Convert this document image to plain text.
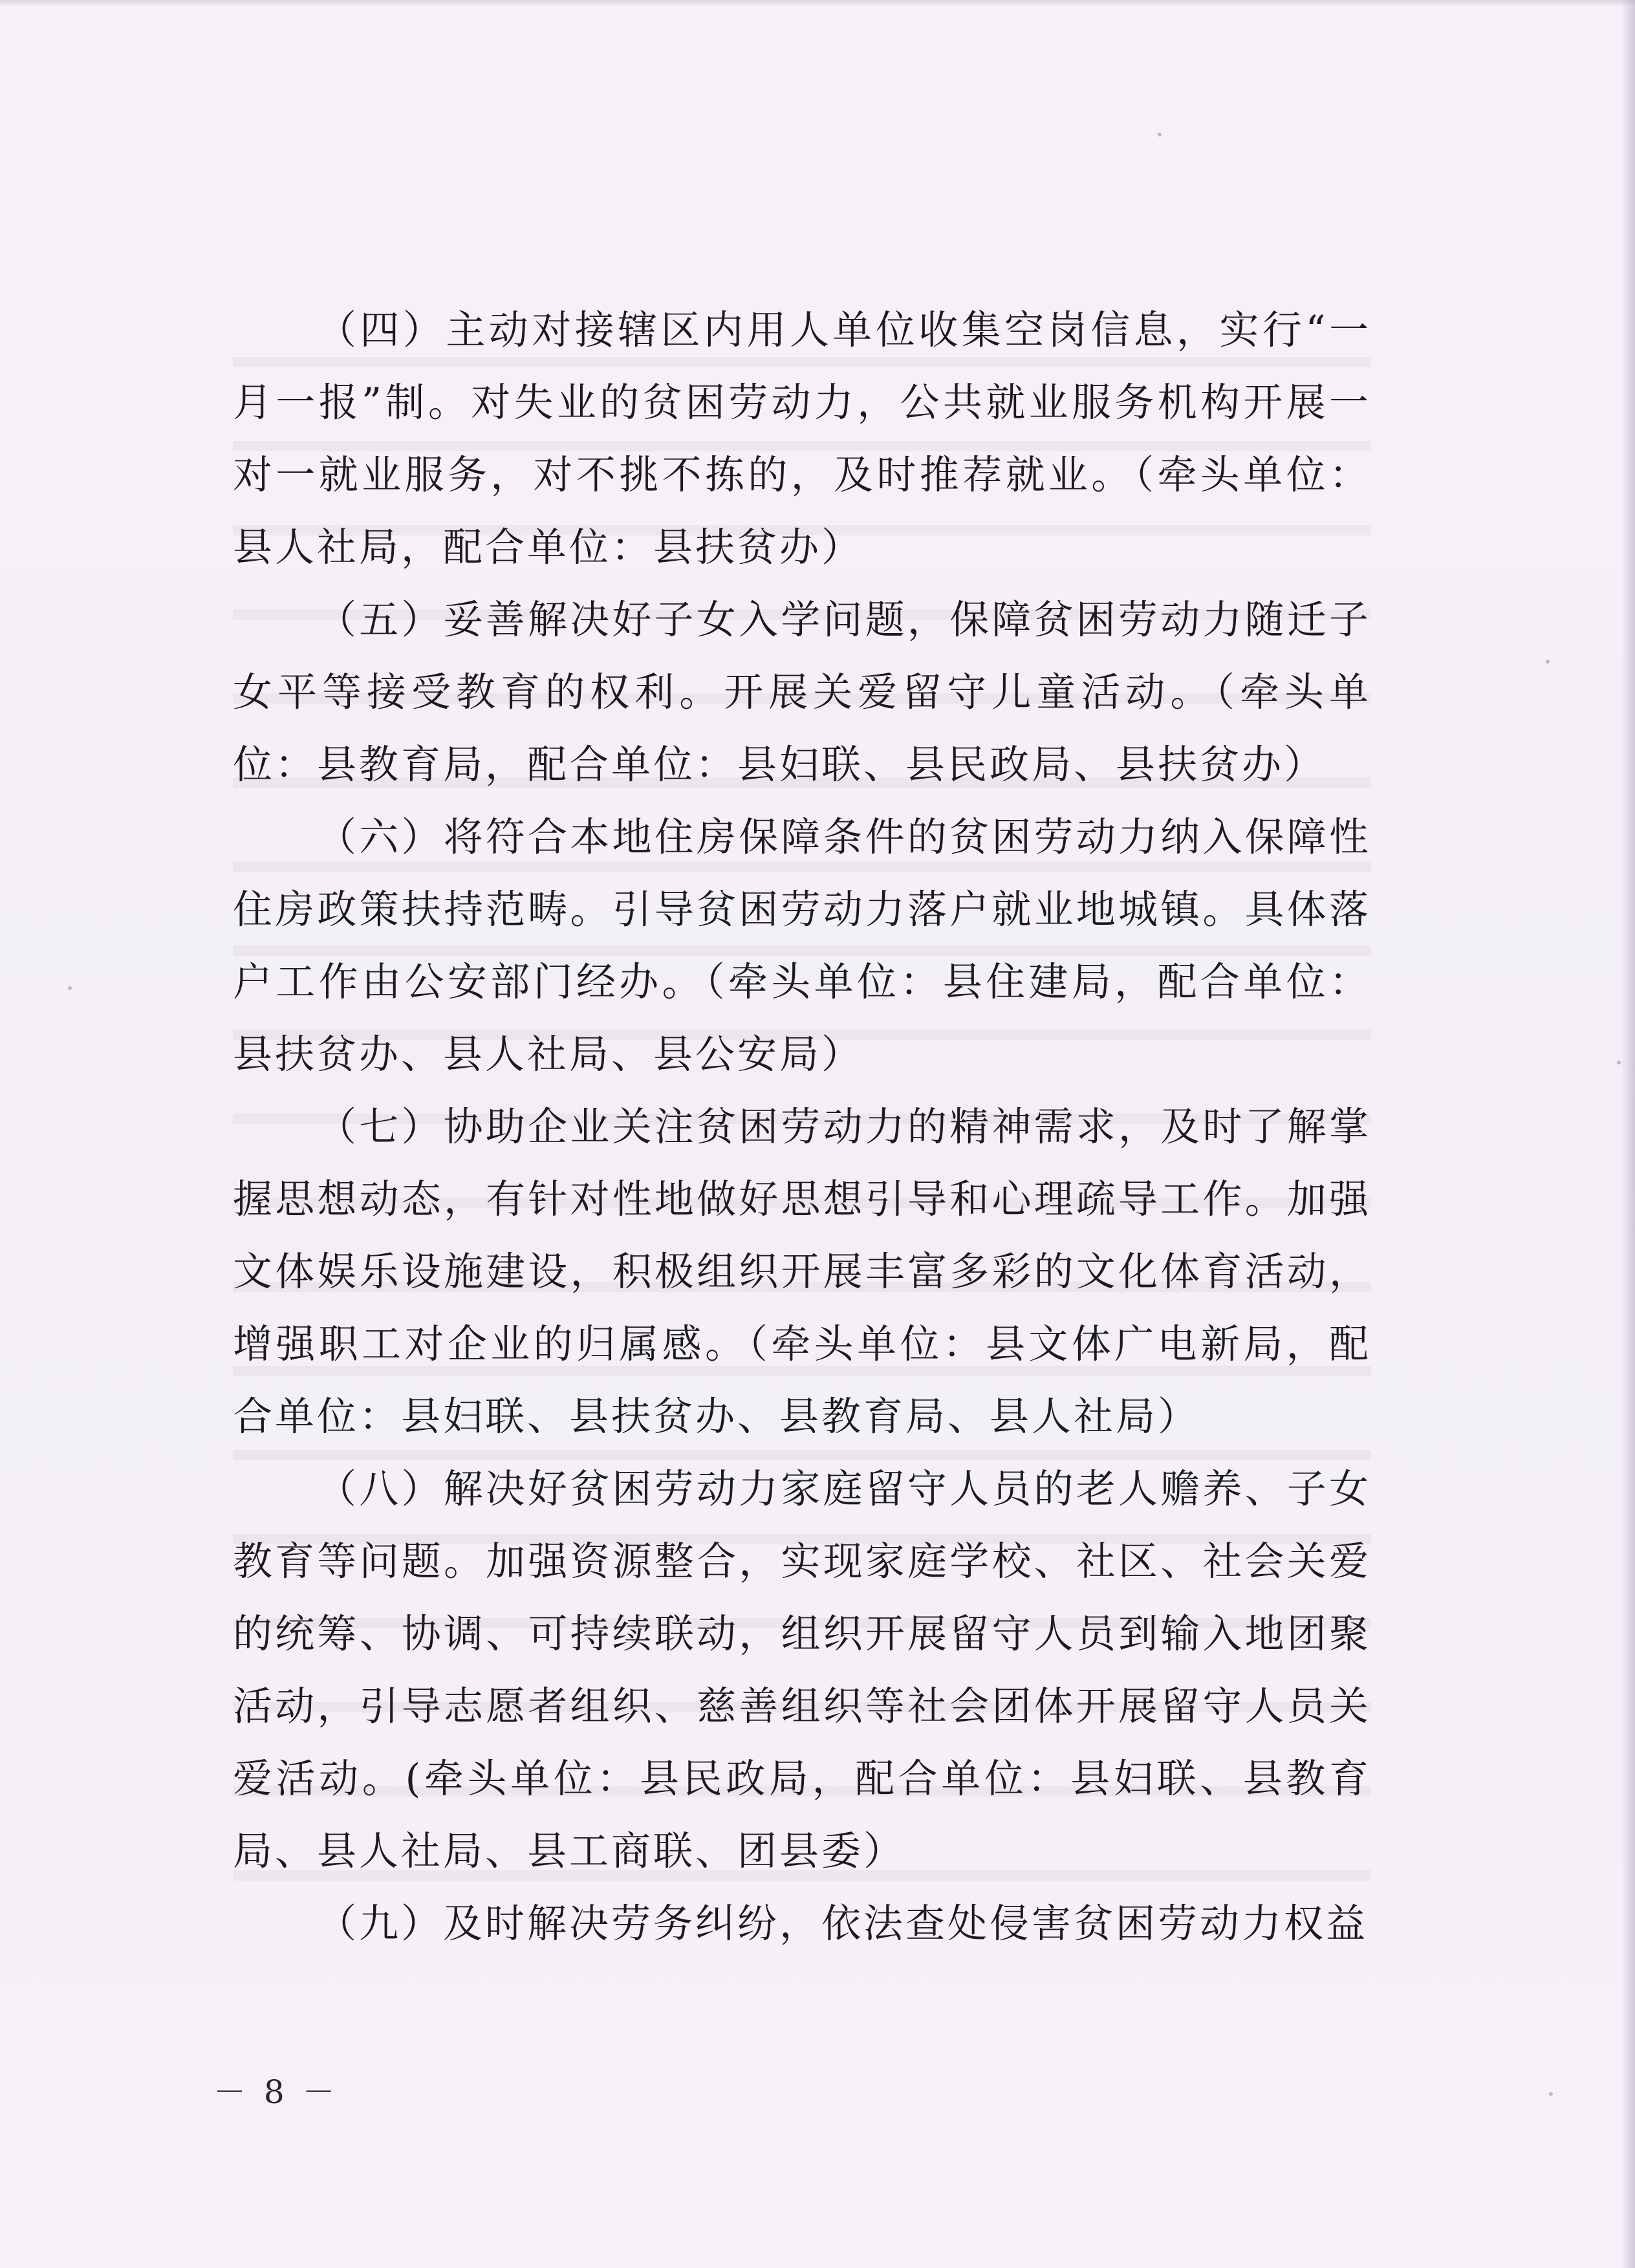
（四）主动对接辖区内用人单位收集空岗信息，实行“一月一报”制。对失业的贫困劳动力，公共就业服务机构开展一对一就业服务，对不挑不拣的，及时推荐就业。（牵头单位：县人社局，配合单位：县扶贫办）

（五）妥善解决好子女入学问题，保障贫困劳动力随迁子女平等接受教育的权利。开展关爱留守儿童活动。（牵头单位：县教育局，配合单位：县妇联、县民政局、县扶贫办）

（六）将符合本地住房保障条件的贫困劳动力纳入保障性住房政策扶持范畴。引导贫困劳动力落户就业地城镇。具体落户工作由公安部门经办。（牵头单位：县住建局，配合单位：县扶贫办、县人社局、县公安局）

（七）协助企业关注贫困劳动力的精神需求，及时了解掌握思想动态，有针对性地做好思想引导和心理疏导工作。加强文体娱乐设施建设，积极组织开展丰富多彩的文化体育活动，增强职工对企业的归属感。（牵头单位：县文体广电新局，配合单位：县妇联、县扶贫办、县教育局、县人社局）

（八）解决好贫困劳动力家庭留守人员的老人赡养、子女教育等问题。加强资源整合，实现家庭学校、社区、社会关爱的统筹、协调、可持续联动，组织开展留守人员到输入地团聚活动，引导志愿者组织、慈善组织等社会团体开展留守人员关爱活动。(牵头单位：县民政局，配合单位：县妇联、县教育局、县人社局、县工商联、团县委）

（九）及时解决劳务纠纷，依法查处侵害贫困劳动力权益

－ 8 －
